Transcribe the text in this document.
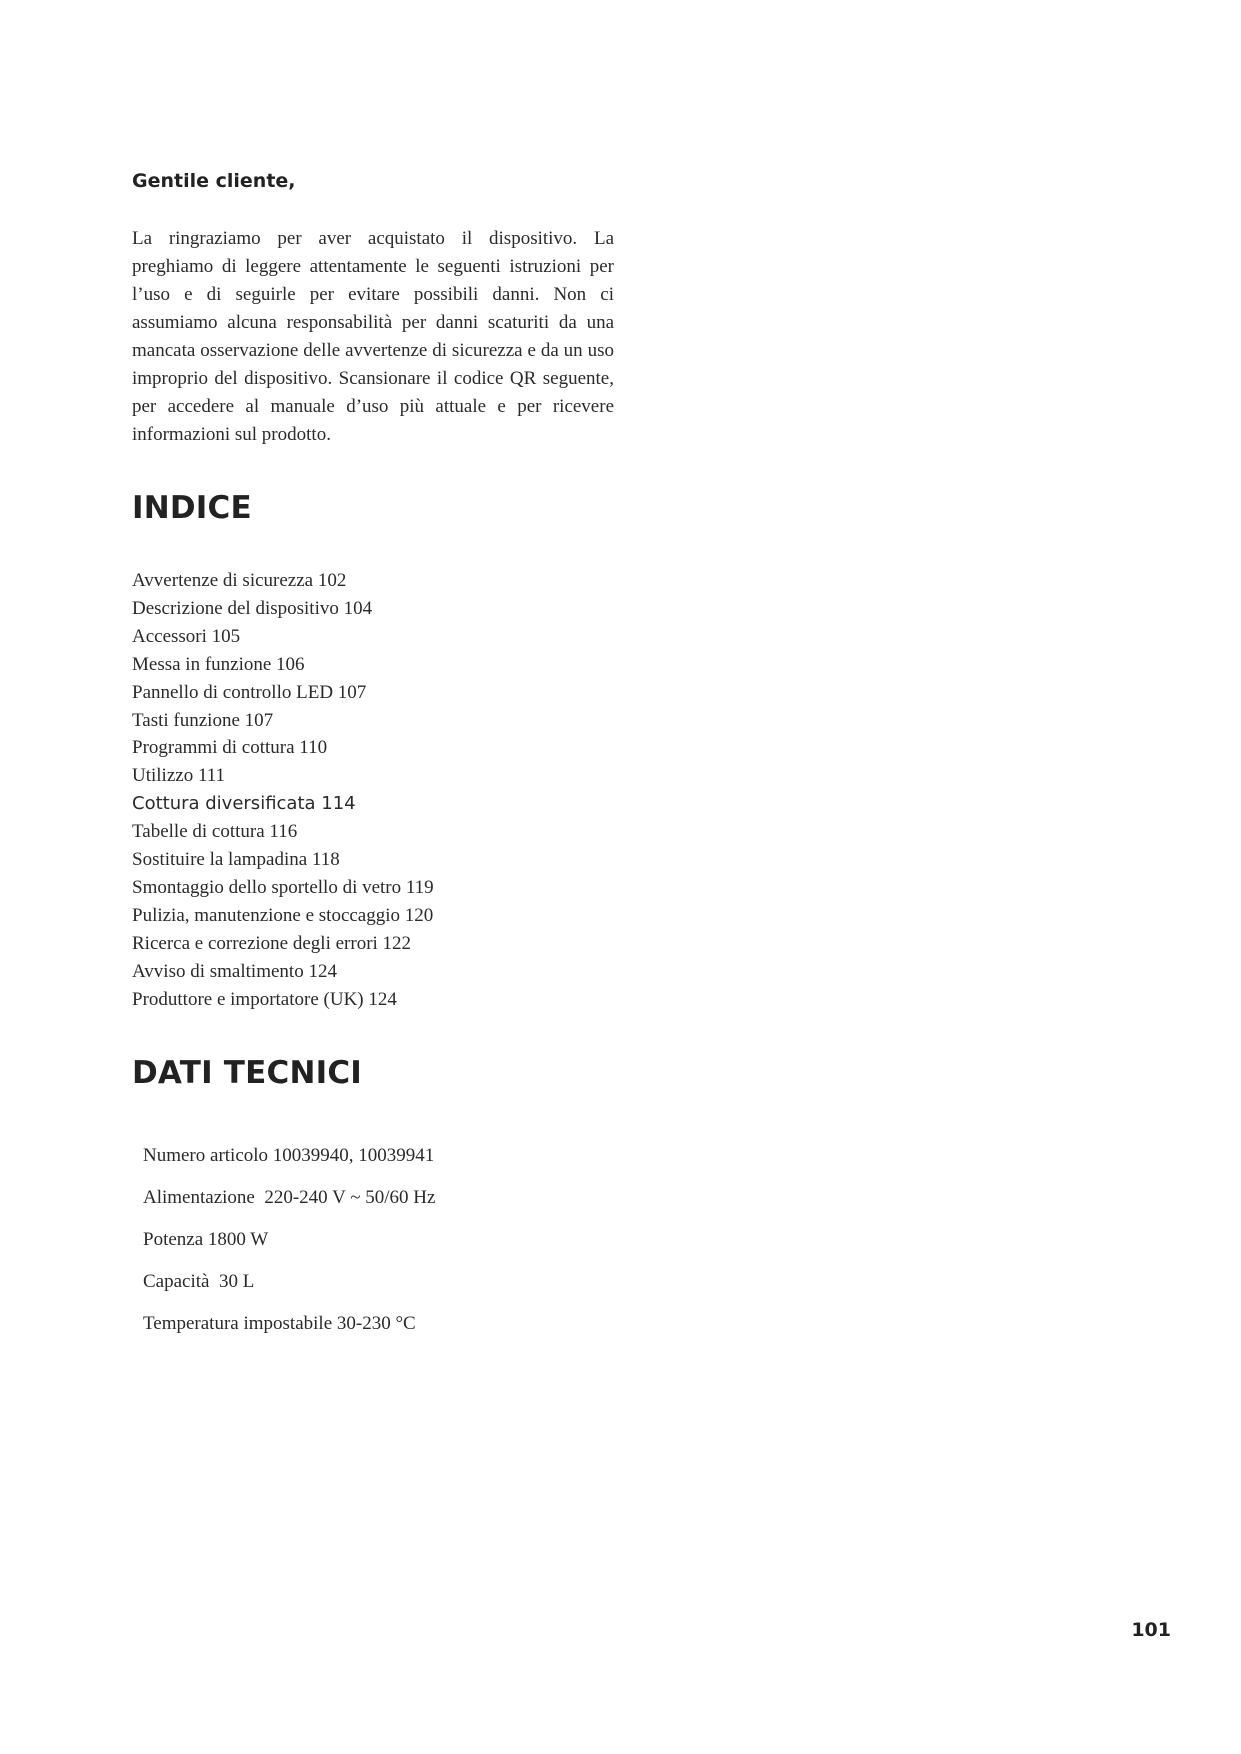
Gentile cliente,

La ringraziamo per aver acquistato il dispositivo. La preghiamo di leggere attentamente le seguenti istruzioni per l’uso e di seguirle per evitare possibili danni. Non ci assumiamo alcuna responsabilità per danni scaturiti da una mancata osservazione delle avvertenze di sicurezza e da un uso improprio del dispositivo. Scansionare il codice QR seguente, per accedere al manuale d’uso più attuale e per ricevere informazioni sul prodotto.

INDICE
Avvertenze di sicurezza 102
Descrizione del dispositivo 104
Accessori 105
Messa in funzione 106
Pannello di controllo LED 107
Tasti funzione 107
Programmi di cottura 110
Utilizzo 111
Cottura diversificata 114
Tabelle di cottura 116
Sostituire la lampadina 118
Smontaggio dello sportello di vetro 119
Pulizia, manutenzione e stoccaggio 120
Ricerca e correzione degli errori 122
Avviso di smaltimento 124
Produttore e importatore (UK) 124
DATI TECNICI
Numero articolo 10039940, 10039941
Alimentazione  220-240 V ~ 50/60 Hz
Potenza 1800 W
Capacità  30 L
Temperatura impostabile 30-230 °C
101
